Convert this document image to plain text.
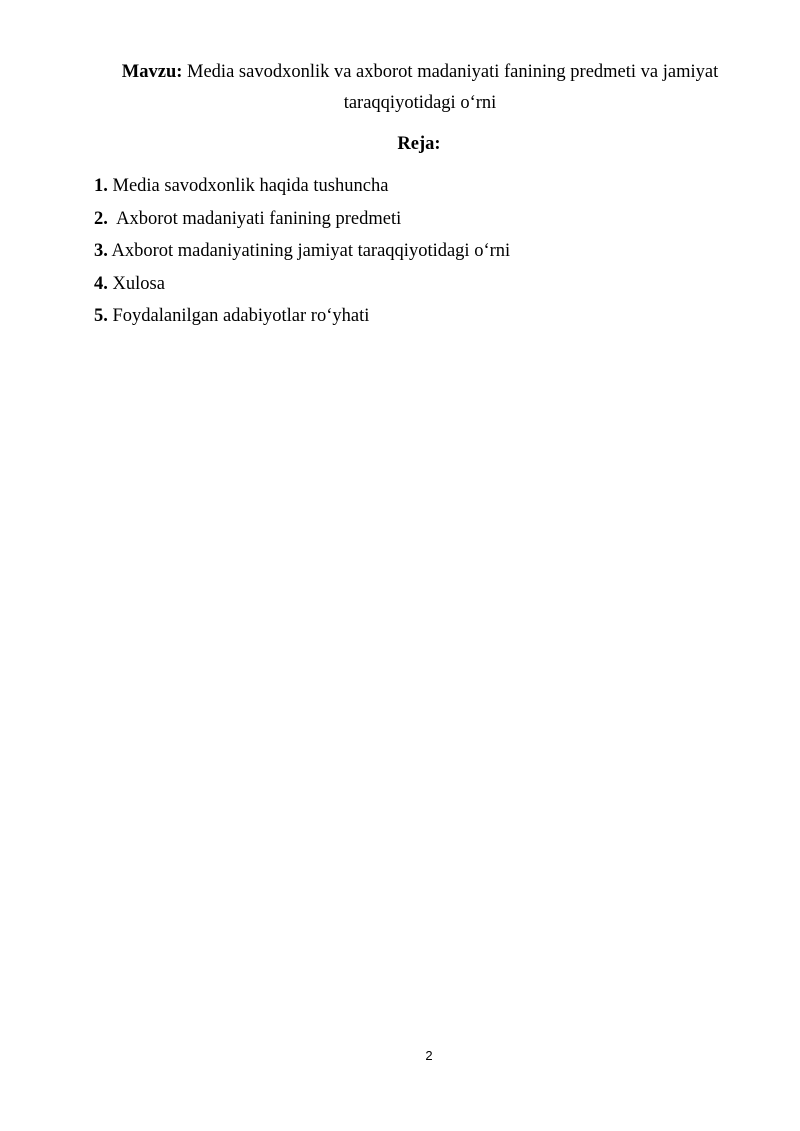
Mavzu: Media savodxonlik va axborot madaniyati fanining predmeti va jamiyat taraqqiyotidagi o‘rni
Reja:
1. Media savodxonlik haqida tushuncha
2.  Axborot madaniyati fanining predmeti
3. Axborot madaniyatining jamiyat taraqqiyotidagi o‘rni
4. Xulosa
5. Foydalanilgan adabiyotlar ro‘yhati
2
